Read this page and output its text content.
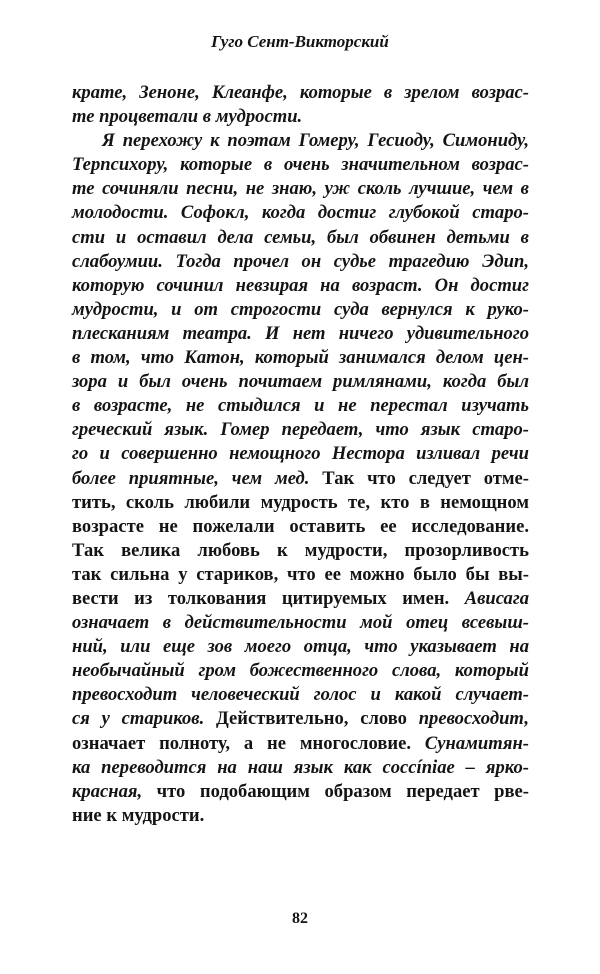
Гуго Сент-Викторский
крате, Зеноне, Клеанфе, которые в зрелом возрас-
те процветали в мудрости.
Я перехожу к поэтам Гомеру, Гесиоду, Симониду,
Терпсихору, которые в очень значительном возрас-
те сочиняли песни, не знаю, уж сколь лучшие, чем в
молодости. Софокл, когда достиг глубокой старо-
сти и оставил дела семьи, был обвинен детьми в
слабоумии. Тогда прочел он судье трагедию Эдип,
которую сочинил невзирая на возраст. Он достиг
мудрости, и от строгости суда вернулся к руко-
плесканиям театра. И нет ничего удивительного
в том, что Катон, который занимался делом цен-
зора и был очень почитаем римлянами, когда был
в возрасте, не стыдился и не перестал изучать
греческий язык. Гомер передает, что язык старо-
го и совершенно немощного Нестора изливал речи
более приятные, чем мед. Так что следует отме-
тить, сколь любили мудрость те, кто в немощном
возрасте не пожелали оставить ее исследование.
Так велика любовь к мудрости, прозорливость
так сильна у стариков, что ее можно было бы вы-
вести из толкования цитируемых имен. Ависага
означает в действительности мой отец всевыш-
ний, или еще зов моего отца, что указывает на
необычайный гром божественного слова, который
превосходит человеческий голос и какой случает-
ся у стариков. Действительно, слово превосходит,
означает полноту, а не многословие. Сунамитян-
ка переводится на наш язык как coccíniae – ярко-
красная, что подобающим образом передает рве-
ние к мудрости.
82
